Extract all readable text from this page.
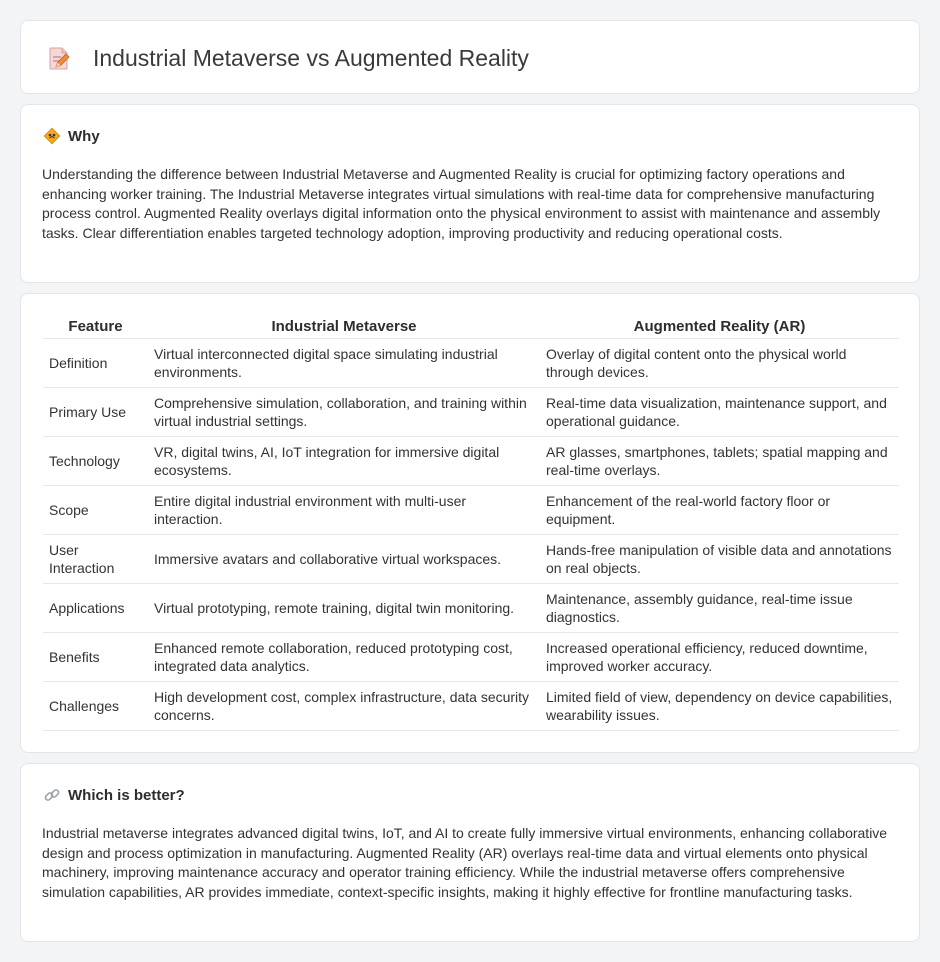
Industrial Metaverse vs Augmented Reality
Why

Understanding the difference between Industrial Metaverse and Augmented Reality is crucial for optimizing factory operations and enhancing worker training. The Industrial Metaverse integrates virtual simulations with real-time data for comprehensive manufacturing process control. Augmented Reality overlays digital information onto the physical environment to assist with maintenance and assembly tasks. Clear differentiation enables targeted technology adoption, improving productivity and reducing operational costs.

Feature	Industrial Metaverse	Augmented Reality (AR)
Definition	Virtual interconnected digital space simulating industrial environments.	Overlay of digital content onto the physical world through devices.
Primary Use	Comprehensive simulation, collaboration, and training within virtual industrial settings.	Real-time data visualization, maintenance support, and operational guidance.
Technology	VR, digital twins, AI, IoT integration for immersive digital ecosystems.	AR glasses, smartphones, tablets; spatial mapping and real-time overlays.
Scope	Entire digital industrial environment with multi-user interaction.	Enhancement of the real-world factory floor or equipment.
User Interaction	Immersive avatars and collaborative virtual workspaces.	Hands-free manipulation of visible data and annotations on real objects.
Applications	Virtual prototyping, remote training, digital twin monitoring.	Maintenance, assembly guidance, real-time issue diagnostics.
Benefits	Enhanced remote collaboration, reduced prototyping cost, integrated data analytics.	Increased operational efficiency, reduced downtime, improved worker accuracy.
Challenges	High development cost, complex infrastructure, data security concerns.	Limited field of view, dependency on device capabilities, wearability issues.
Which is better?

Industrial metaverse integrates advanced digital twins, IoT, and AI to create fully immersive virtual environments, enhancing collaborative design and process optimization in manufacturing. Augmented Reality (AR) overlays real-time data and virtual elements onto physical machinery, improving maintenance accuracy and operator training efficiency. While the industrial metaverse offers comprehensive simulation capabilities, AR provides immediate, context-specific insights, making it highly effective for frontline manufacturing tasks.
